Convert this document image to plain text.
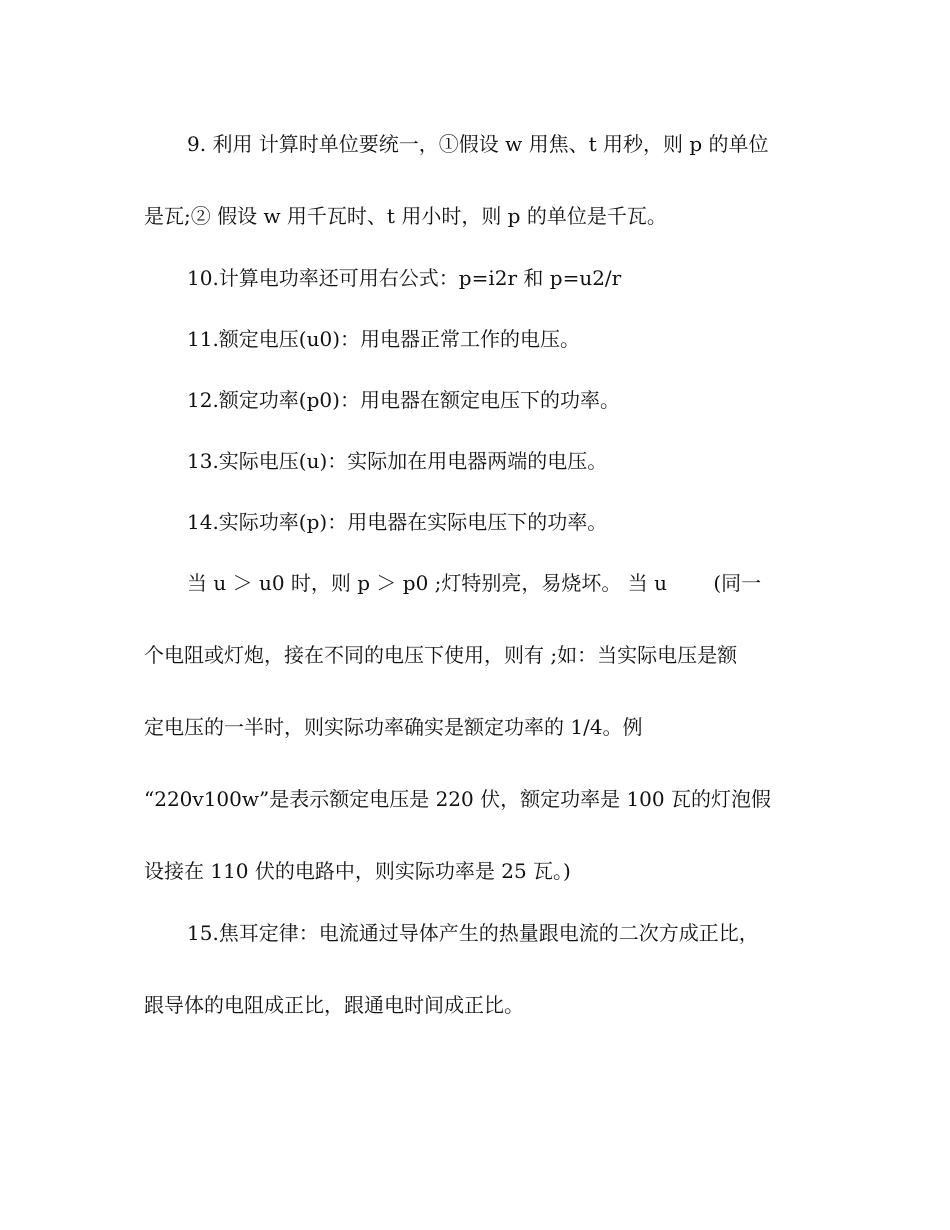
9. 利用 计算时单位要统一，①假设 w 用焦、t 用秒，则 p 的单位
是瓦;② 假设 w 用千瓦时、t 用小时，则 p 的单位是千瓦。
10.计算电功率还可用右公式：p=i2r 和 p=u2/r
11.额定电压(u0)：用电器正常工作的电压。
12.额定功率(p0)：用电器在额定电压下的功率。
13.实际电压(u)：实际加在用电器两端的电压。
14.实际功率(p)：用电器在实际电压下的功率。
当 u ＞ u0 时，则 p ＞ p0 ;灯特别亮，易烧坏。 当 u　　 (同一
个电阻或灯炮，接在不同的电压下使用，则有 ;如：当实际电压是额
定电压的一半时，则实际功率确实是额定功率的 1/4。例
“220v100w”是表示额定电压是 220 伏，额定功率是 100 瓦的灯泡假
设接在 110 伏的电路中，则实际功率是 25 瓦。)
15.焦耳定律：电流通过导体产生的热量跟电流的二次方成正比，
跟导体的电阻成正比，跟通电时间成正比。
